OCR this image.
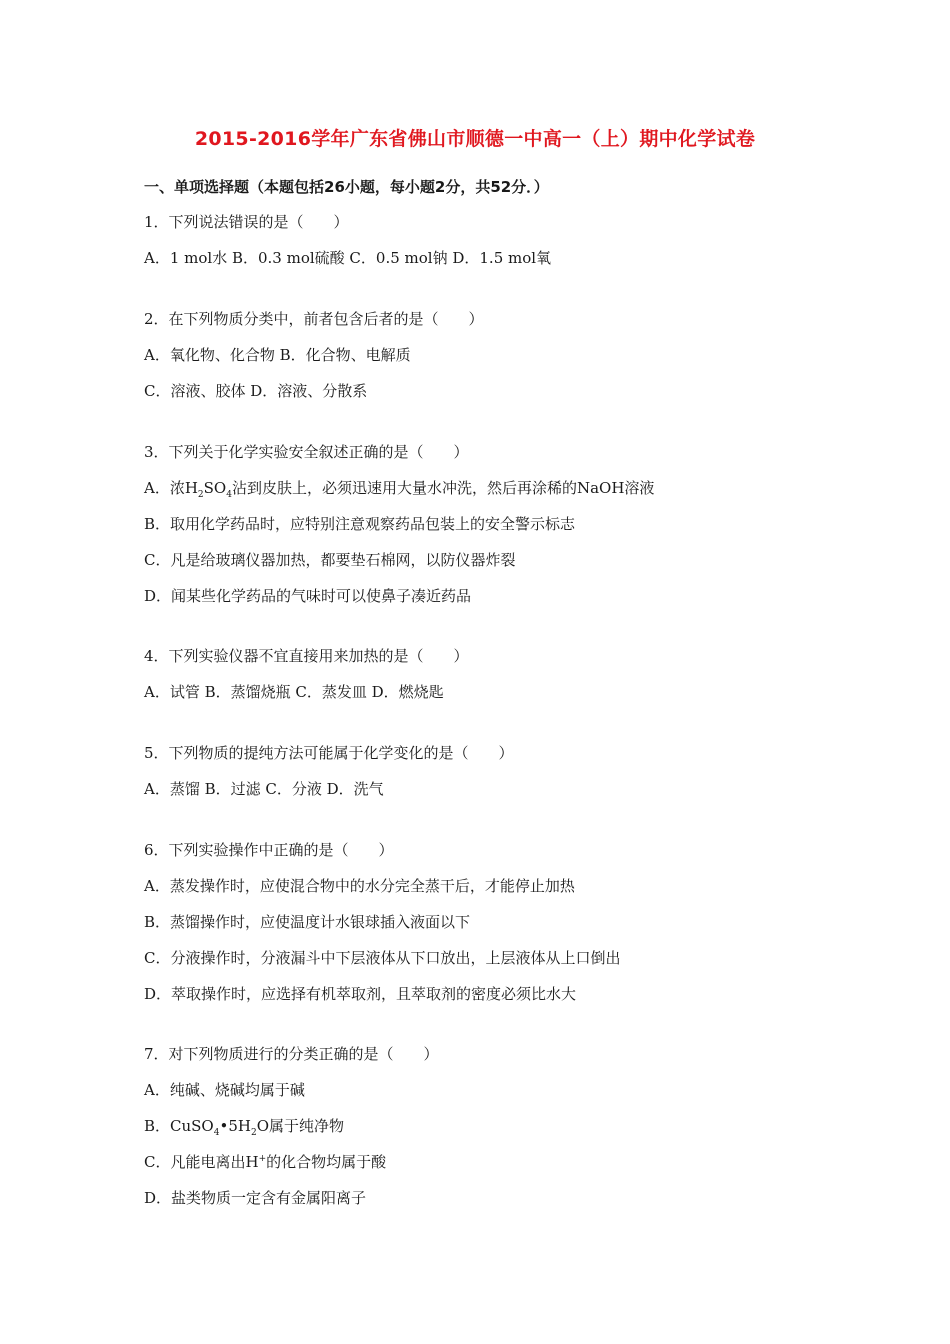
2015-2016学年广东省佛山市顺德一中高一（上）期中化学试卷
一、单项选择题（本题包括26小题，每小题2分，共52分．）

1．下列说法错误的是（　　）

A．1 mol水 B．0.3 mol硫酸 C．0.5 mol钠 D．1.5 mol氧

2．在下列物质分类中，前者包含后者的是（　　）

A．氧化物、化合物 B．化合物、电解质

C．溶液、胶体 D．溶液、分散系

3．下列关于化学实验安全叙述正确的是（　　）

A．浓$H_2SO_4$沾到皮肤上，必须迅速用大量水冲洗，然后再涂稀的NaOH溶液

B．取用化学药品时，应特别注意观察药品包装上的安全警示标志

C．凡是给玻璃仪器加热，都要垫石棉网，以防仪器炸裂

D．闻某些化学药品的气味时可以使鼻子凑近药品

4．下列实验仪器不宜直接用来加热的是（　　）

A．试管 B．蒸馏烧瓶 C．蒸发皿 D．燃烧匙

5．下列物质的提纯方法可能属于化学变化的是（　　）

A．蒸馏 B．过滤 C．分液 D．洗气

6．下列实验操作中正确的是（　　）

A．蒸发操作时，应使混合物中的水分完全蒸干后，才能停止加热

B．蒸馏操作时，应使温度计水银球插入液面以下

C．分液操作时，分液漏斗中下层液体从下口放出，上层液体从上口倒出

D．萃取操作时，应选择有机萃取剂，且萃取剂的密度必须比水大

7．对下列物质进行的分类正确的是（　　）

A．纯碱、烧碱均属于碱

B．$CuSO_4•5H_2O$属于纯净物

C．凡能电离出H+的化合物均属于酸

D．盐类物质一定含有金属阳离子
